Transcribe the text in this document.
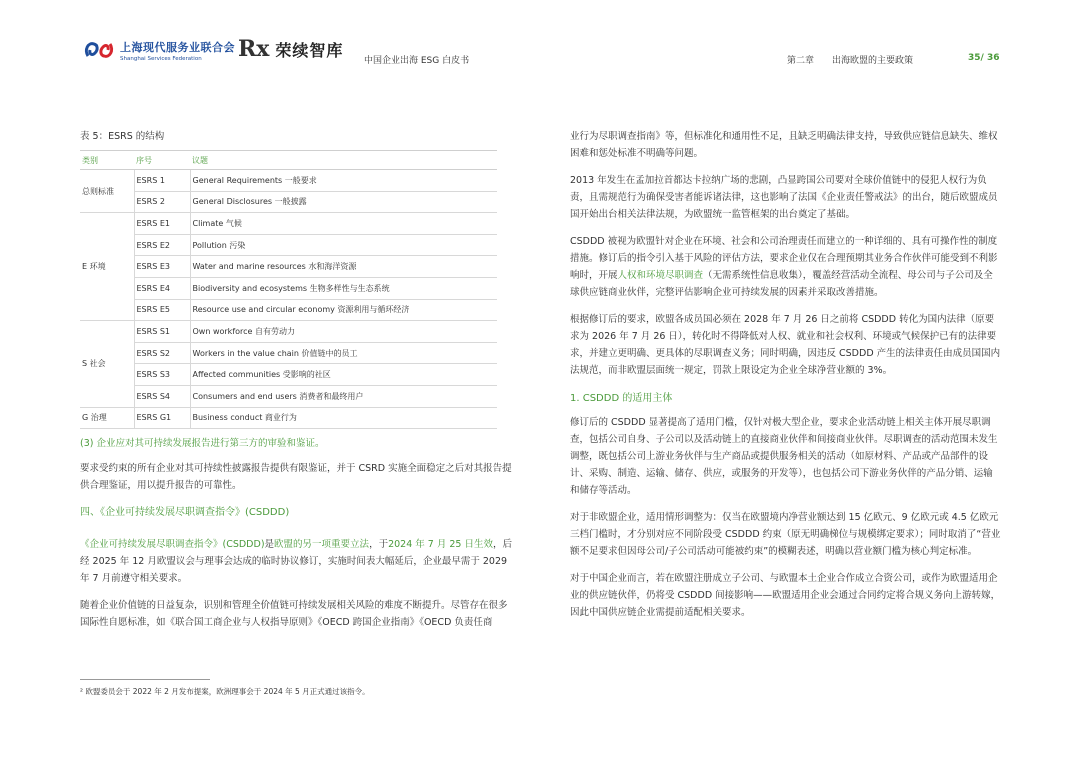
上海现代服务业联合会
Shanghai Services Federation	Rx 荣续智库
中国企业出海 ESG 白皮书	第二章 出海欧盟的主要政策	35/ 36

表 5：ESRS 的结构

类别	序号	议题
总则标准	ESRS 1	General Requirements 一般要求
	ESRS 2	General Disclosures 一般披露
E 环境	ESRS E1	Climate 气候
	ESRS E2	Pollution 污染
	ESRS E3	Water and marine resources 水和海洋资源
	ESRS E4	Biodiversity and ecosystems 生物多样性与生态系统
	ESRS E5	Resource use and circular economy 资源利用与循环经济
S 社会	ESRS S1	Own workforce 自有劳动力
	ESRS S2	Workers in the value chain 价值链中的员工
	ESRS S3	Affected communities 受影响的社区
	ESRS S4	Consumers and end users 消费者和最终用户
G 治理	ESRS G1	Business conduct 商业行为

(3) 企业应对其可持续发展报告进行第三方的审验和鉴证。

要求受约束的所有企业对其可持续性披露报告提供有限鉴证，并于 CSRD 实施全面稳定之后对其报告提供合理鉴证，用以提升报告的可靠性。

四、《企业可持续发展尽职调查指令》(CSDDD)

《企业可持续发展尽职调查指令》(CSDDD)是欧盟的另一项重要立法，于2024 年 7 月 25 日生效，后经 2025 年 12 月欧盟议会与理事会达成的临时协议修订，实施时间表大幅延后，企业最早需于 2029年 7 月前遵守相关要求。

随着企业价值链的日益复杂，识别和管理全价值链可持续发展相关风险的难度不断提升。尽管存在很多国际性自愿标准，如《联合国工商企业与人权指导原则》《OECD 跨国企业指南》《OECD 负责任商

² 欧盟委员会于 2022 年 2 月发布提案，欧洲理事会于 2024 年 5 月正式通过该指令。

业行为尽职调查指南》等，但标准化和通用性不足，且缺乏明确法律支持，导致供应链信息缺失、维权困难和惩处标准不明确等问题。

2013 年发生在孟加拉首都达卡拉纳广场的悲剧，凸显跨国公司要对全球价值链中的侵犯人权行为负责，且需规范行为确保受害者能诉诸法律，这也影响了法国《企业责任警戒法》的出台，随后欧盟成员国开始出台相关法律法规，为欧盟统一监管框架的出台奠定了基础。

CSDDD 被视为欧盟针对企业在环境、社会和公司治理责任而建立的一种详细的、具有可操作性的制度措施。修订后的指令引入基于风险的评估方法，要求企业仅在合理预期其业务合作伙伴可能受到不利影响时，开展人权和环境尽职调查（无需系统性信息收集），覆盖经营活动全流程、母公司与子公司及全球供应链商业伙伴，完整评估影响企业可持续发展的因素并采取改善措施。

根据修订后的要求，欧盟各成员国必须在 2028 年 7 月 26 日之前将 CSDDD 转化为国内法律（原要求为 2026 年 7 月 26 日），转化时不得降低对人权、就业和社会权利、环境或气候保护已有的法律要求，并建立更明确、更具体的尽职调查义务；同时明确，因违反 CSDDD 产生的法律责任由成员国国内法规范，而非欧盟层面统一规定，罚款上限设定为企业全球净营业额的 3%。

1. CSDDD 的适用主体

修订后的 CSDDD 显著提高了适用门槛，仅针对极大型企业，要求企业活动链上相关主体开展尽职调查，包括公司自身、子公司以及活动链上的直接商业伙伴和间接商业伙伴。尽职调查的活动范围未发生调整，既包括公司上游业务伙伴与生产商品或提供服务相关的活动（如原材料、产品或产品部件的设计、采购、制造、运输、储存、供应，或服务的开发等），也包括公司下游业务伙伴的产品分销、运输和储存等活动。

对于非欧盟企业，适用情形调整为：仅当在欧盟境内净营业额达到 15 亿欧元、9 亿欧元或 4.5 亿欧元三档门槛时，才分别对应不同阶段受 CSDDD 约束（原无明确梯位与规模绑定要求）；同时取消了“营业额不足要求但因母公司/子公司活动可能被约束”的模糊表述，明确以营业额门槛为核心判定标准。

对于中国企业而言，若在欧盟注册成立子公司、与欧盟本土企业合作成立合资公司，或作为欧盟适用企业的供应链伙伴，仍将受 CSDDD 间接影响——欧盟适用企业会通过合同约定将合规义务向上游转嫁，因此中国供应链企业需提前适配相关要求。
